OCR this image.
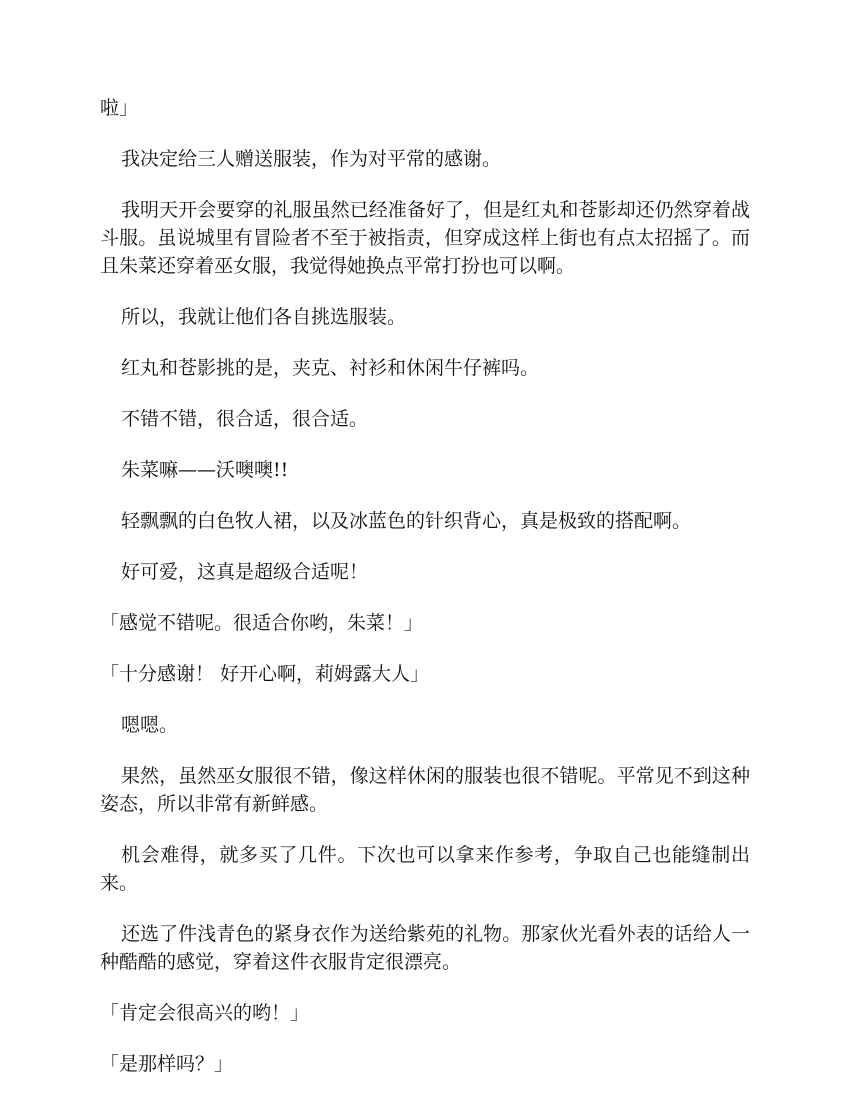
啦」

我决定给三人赠送服装，作为对平常的感谢。

我明天开会要穿的礼服虽然已经准备好了，但是红丸和苍影却还仍然穿着战斗服。虽说城里有冒险者不至于被指责，但穿成这样上街也有点太招摇了。而且朱菜还穿着巫女服，我觉得她换点平常打扮也可以啊。

所以，我就让他们各自挑选服装。

红丸和苍影挑的是，夹克、衬衫和休闲牛仔裤吗。

不错不错，很合适，很合适。

朱菜嘛——沃噢噢!!

轻飘飘的白色牧人裙，以及冰蓝色的针织背心，真是极致的搭配啊。

好可爱，这真是超级合适呢！

「感觉不错呢。很适合你哟，朱菜！」

「十分感谢！ 好开心啊，莉姆露大人」

嗯嗯。

果然，虽然巫女服很不错，像这样休闲的服装也很不错呢。平常见不到这种姿态，所以非常有新鲜感。

机会难得，就多买了几件。下次也可以拿来作参考，争取自己也能缝制出来。

还选了件浅青色的紧身衣作为送给紫苑的礼物。那家伙光看外表的话给人一种酷酷的感觉，穿着这件衣服肯定很漂亮。

「肯定会很高兴的哟！」

「是那样吗？」
